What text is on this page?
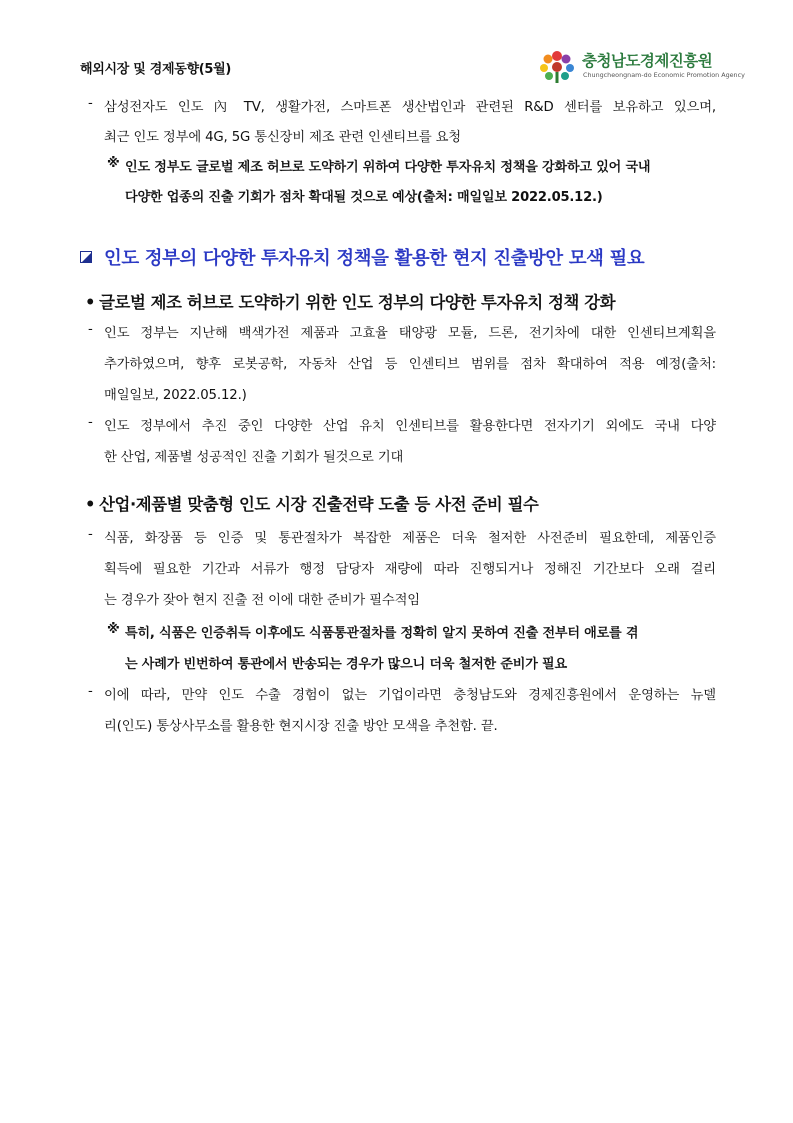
해외시장 및 경제동향(5월)	충청남도경제진흥원
Chungcheongnam-do Economic Promotion Agency
- 삼성전자도 인도 內 TV, 생활가전, 스마트폰 생산법인과 관련된 R&D 센터를 보유하고 있으며,
최근 인도 정부에 4G, 5G 통신장비 제조 관련 인센티브를 요청
※ 인도 정부도 글로벌 제조 허브로 도약하기 위하여 다양한 투자유치 정책을 강화하고 있어 국내
다양한 업종의 진출 기회가 점차 확대될 것으로 예상(출처: 매일일보 2022.05.12.)
인도 정부의 다양한 투자유치 정책을 활용한 현지 진출방안 모색 필요
• 글로벌 제조 허브로 도약하기 위한 인도 정부의 다양한 투자유치 정책 강화
- 인도 정부는 지난해 백색가전 제품과 고효율 태양광 모듈, 드론, 전기차에 대한 인센티브계획을
추가하였으며, 향후 로봇공학, 자동차 산업 등 인센티브 범위를 점차 확대하여 적용 예정(출처:
매일일보, 2022.05.12.)
- 인도 정부에서 추진 중인 다양한 산업 유치 인센티브를 활용한다면 전자기기 외에도 국내 다양
한 산업, 제품별 성공적인 진출 기회가 될것으로 기대
• 산업·제품별 맞춤형 인도 시장 진출전략 도출 등 사전 준비 필수
- 식품, 화장품 등 인증 및 통관절차가 복잡한 제품은 더욱 철저한 사전준비 필요한데, 제품인증
획득에 필요한 기간과 서류가 행정 담당자 재량에 따라 진행되거나 정해진 기간보다 오래 걸리
는 경우가 잦아 현지 진출 전 이에 대한 준비가 필수적임
※ 특히, 식품은 인증취득 이후에도 식품통관절차를 정확히 알지 못하여 진출 전부터 애로를 겪
는 사례가 빈번하여 통관에서 반송되는 경우가 많으니 더욱 철저한 준비가 필요
- 이에 따라, 만약 인도 수출 경험이 없는 기업이라면 충청남도와 경제진흥원에서 운영하는 뉴델
리(인도) 통상사무소를 활용한 현지시장 진출 방안 모색을 추천함. 끝.
